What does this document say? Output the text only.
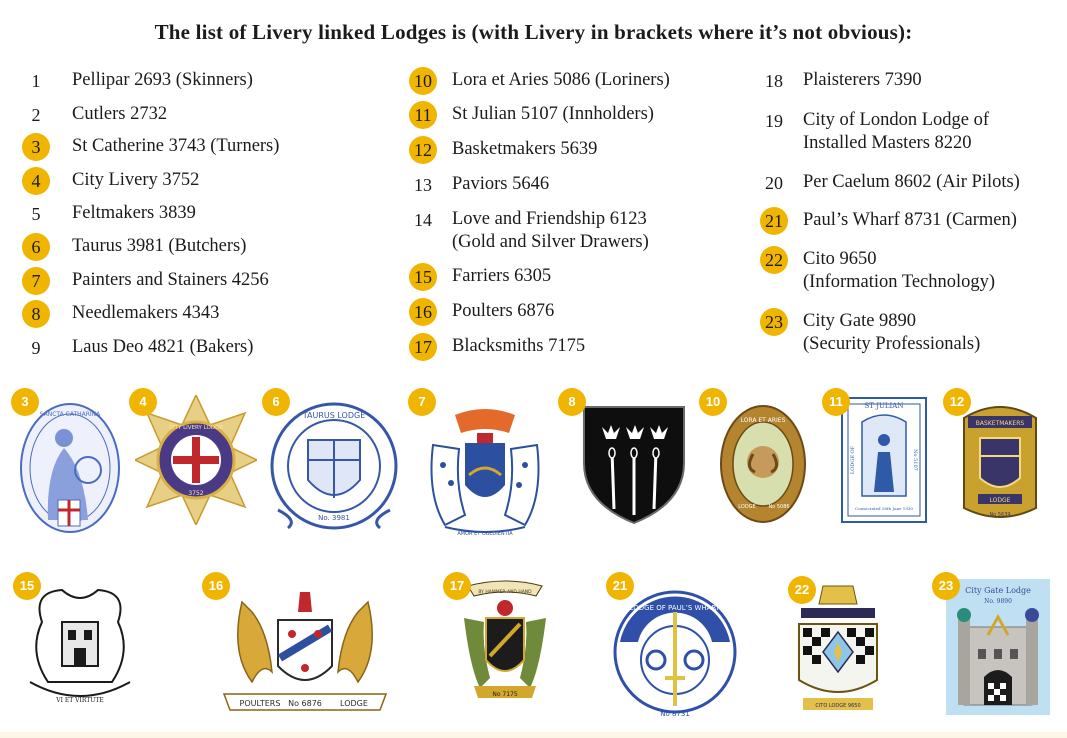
The list of Livery linked Lodges is (with Livery in brackets where it’s not obvious):
1	Pellipar 2693 (Skinners)
2	Cutlers 2732
3	St Catherine 3743 (Turners)
4	City Livery 3752
5	Feltmakers 3839
6	Taurus 3981 (Butchers)
7	Painters and Stainers 4256
8	Needlemakers 4343
9	Laus Deo 4821 (Bakers)
10 Lora et Aries 5086 (Loriners)
11 St Julian 5107 (Innholders)
12 Basketmakers 5639
13 Paviors 5646
14 Love and Friendship 6123
(Gold and Silver Drawers)
15 Farriers 6305
16 Poulters 6876
17 Blacksmiths 7175
18 Plaisterers 7390
19 City of London Lodge of
Installed Masters 8220
20 Per Caelum 8602 (Air Pilots)
21 Paul’s Wharf 8731 (Carmen)
22 Cito 9650
(Information Technology)
23 City Gate 9890
(Security Professionals)
3
SANCTA CATHARINA
4
CITY LIVERY LODGE
3752
6
TAURUS LODGE
No. 3981
7
AMOR ET OBEDIENTIA
8	10
LORA ET ARIES
LODGE	No 5086
11	ST JULIAN
LODGE OF	No 5107
Consecrated 28th June 1930
12
BASKETMAKERS
LODGE
No 5639
15
VI ET VIRTUTE
16
POULTERS No 6876 LODGE
17	BY HAMMER AND HAND
No 7175
21
LODGE OF PAUL’S WHARF
No 8731
22
CITO LODGE 9650
23	City Gate Lodge
No. 9890
